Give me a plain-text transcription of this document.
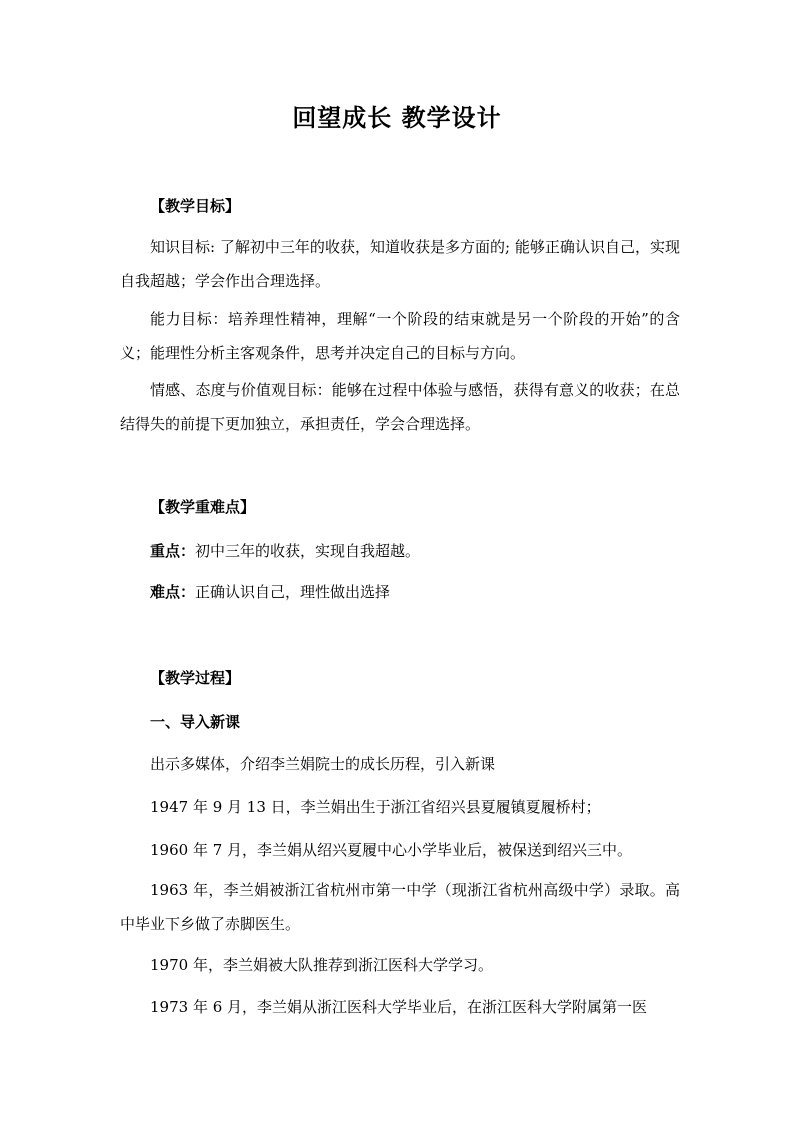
回望成长 教学设计
【教学目标】
知识目标: 了解初中三年的收获，知道收获是多方面的; 能够正确认识自己，实现自我超越；学会作出合理选择。
能力目标：培养理性精神，理解“一个阶段的结束就是另一个阶段的开始”的含义；能理性分析主客观条件，思考并决定自己的目标与方向。
情感、态度与价值观目标：能够在过程中体验与感悟，获得有意义的收获；在总结得失的前提下更加独立，承担责任，学会合理选择。
【教学重难点】
重点：初中三年的收获，实现自我超越。
难点：正确认识自己，理性做出选择
【教学过程】
一、导入新课
出示多媒体，介绍李兰娟院士的成长历程，引入新课
1947 年 9 月 13 日，李兰娟出生于浙江省绍兴县夏履镇夏履桥村；
1960 年 7 月，李兰娟从绍兴夏履中心小学毕业后，被保送到绍兴三中。
1963 年，李兰娟被浙江省杭州市第一中学（现浙江省杭州高级中学）录取。高中毕业下乡做了赤脚医生。
1970 年，李兰娟被大队推荐到浙江医科大学学习。
1973 年 6 月，李兰娟从浙江医科大学毕业后，在浙江医科大学附属第一医
